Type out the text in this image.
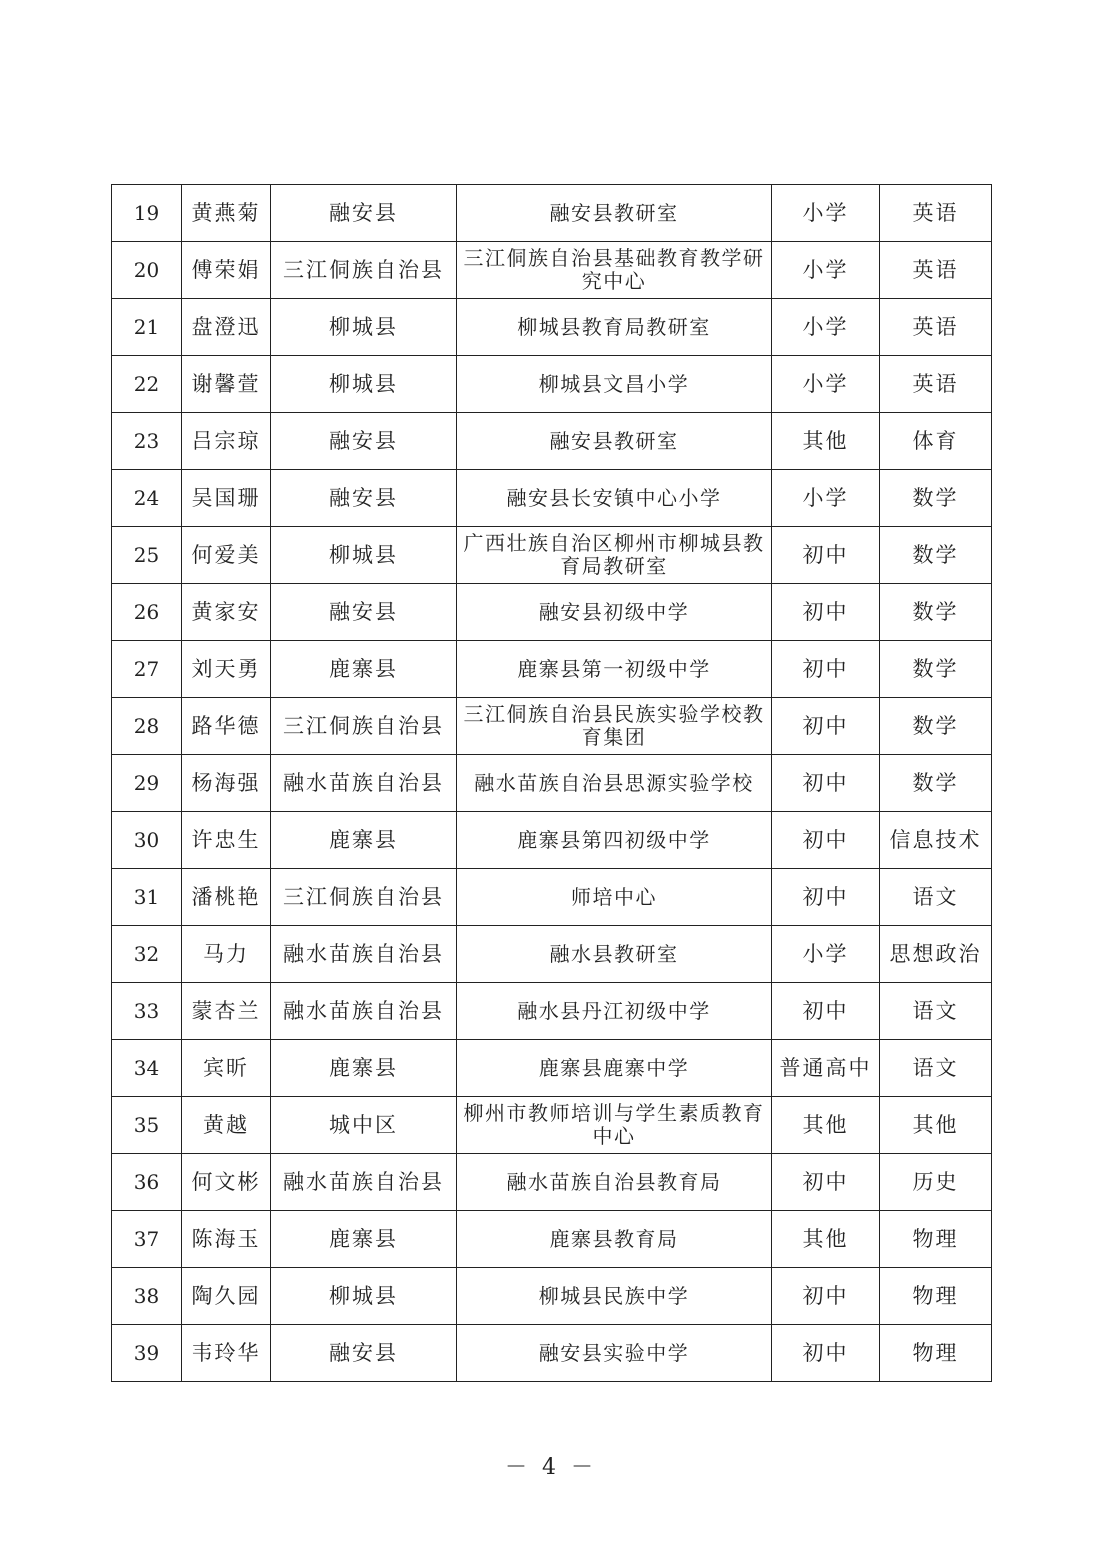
19	黄燕菊	融安县	融安县教研室	小学	英语
20	傅荣娟	三江侗族自治县	三江侗族自治县基础教育教学研究中心	小学	英语
21	盘澄迅	柳城县	柳城县教育局教研室	小学	英语
22	谢馨萱	柳城县	柳城县文昌小学	小学	英语
23	吕宗琼	融安县	融安县教研室	其他	体育
24	吴国珊	融安县	融安县长安镇中心小学	小学	数学
25	何爱美	柳城县	广西壮族自治区柳州市柳城县教育局教研室	初中	数学
26	黄家安	融安县	融安县初级中学	初中	数学
27	刘天勇	鹿寨县	鹿寨县第一初级中学	初中	数学
28	路华德	三江侗族自治县	三江侗族自治县民族实验学校教育集团	初中	数学
29	杨海强	融水苗族自治县	融水苗族自治县思源实验学校	初中	数学
30	许忠生	鹿寨县	鹿寨县第四初级中学	初中	信息技术
31	潘桃艳	三江侗族自治县	师培中心	初中	语文
32	马力	融水苗族自治县	融水县教研室	小学	思想政治
33	蒙杏兰	融水苗族自治县	融水县丹江初级中学	初中	语文
34	宾昕	鹿寨县	鹿寨县鹿寨中学	普通高中	语文
35	黄越	城中区	柳州市教师培训与学生素质教育中心	其他	其他
36	何文彬	融水苗族自治县	融水苗族自治县教育局	初中	历史
37	陈海玉	鹿寨县	鹿寨县教育局	其他	物理
38	陶久园	柳城县	柳城县民族中学	初中	物理
39	韦玲华	融安县	融安县实验中学	初中	物理
－ 4 －
